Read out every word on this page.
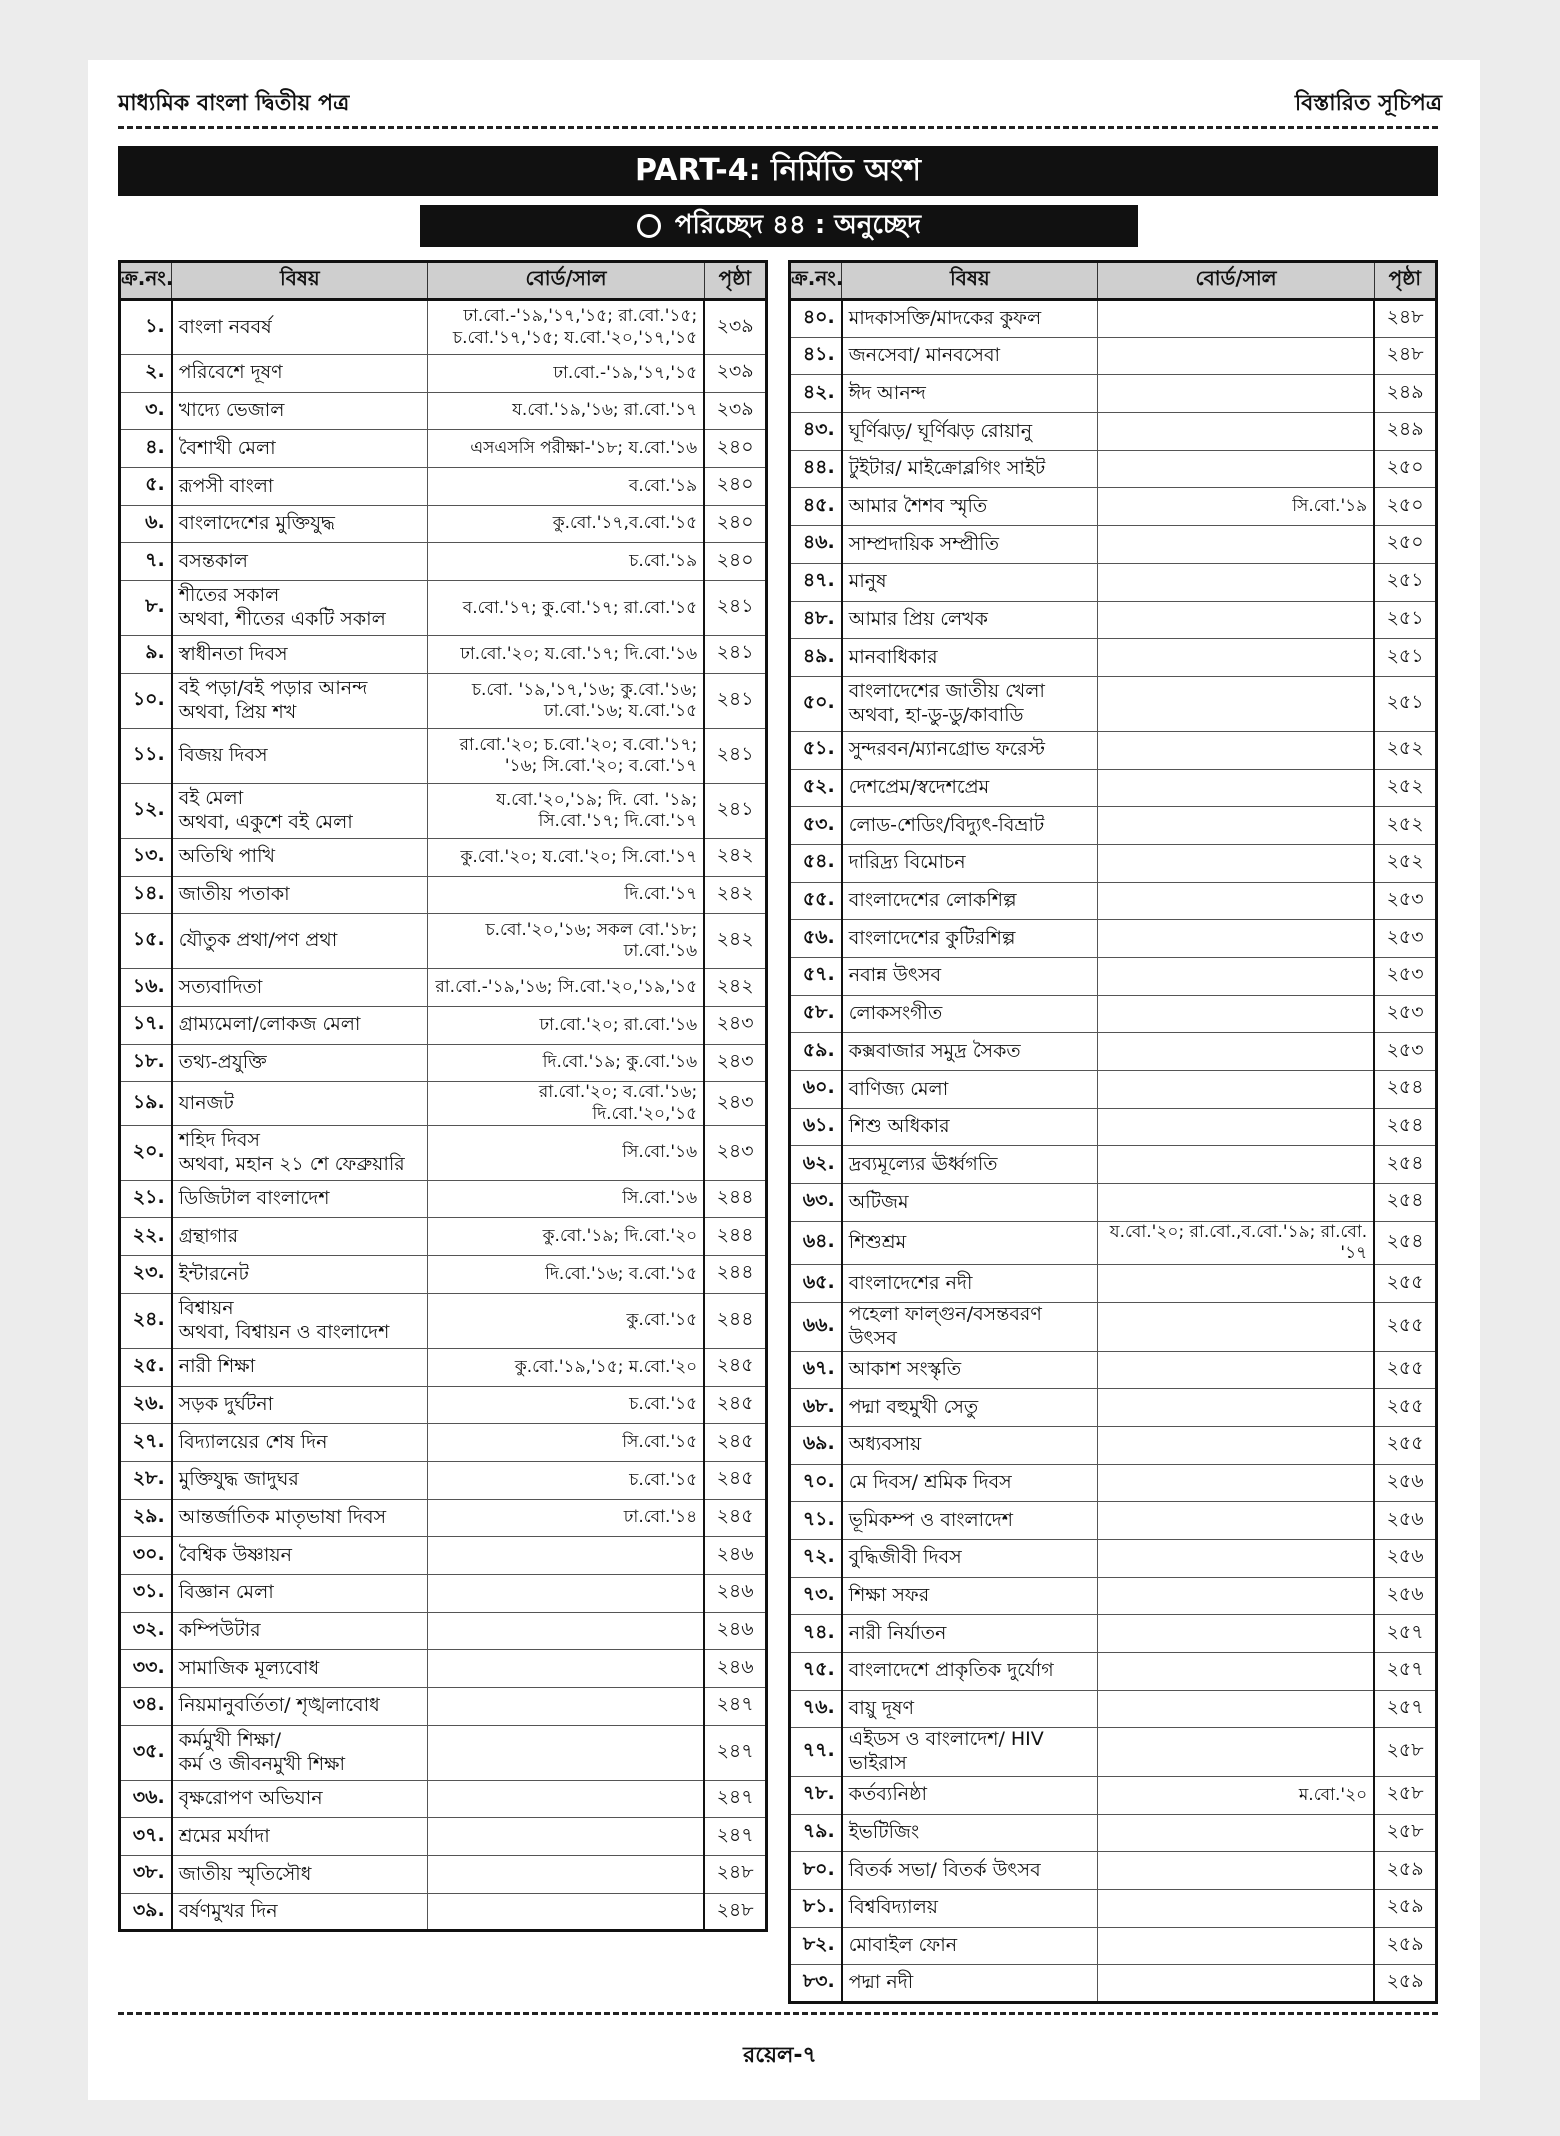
মাধ্যমিক বাংলা দ্বিতীয় পত্র	বিস্তারিত সূচিপত্র
PART-4: নির্মিতি অংশ
পরিচ্ছেদ ৪৪ : অনুচ্ছেদ
ক্র.নং.	বিষয়	বোর্ড/সাল	পৃষ্ঠা
১.	বাংলা নববর্ষ	ঢা.বো.-'১৯,'১৭,'১৫; রা.বো.'১৫; চ.বো.'১৭,'১৫; য.বো.'২০,'১৭,'১৫	২৩৯
২.	পরিবেশে দূষণ	ঢা.বো.-'১৯,'১৭,'১৫	২৩৯
৩.	খাদ্যে ভেজাল	য.বো.'১৯,'১৬; রা.বো.'১৭	২৩৯
৪.	বৈশাখী মেলা	এসএসসি পরীক্ষা-'১৮; য.বো.'১৬	২৪০
৫.	রূপসী বাংলা	ব.বো.'১৯	২৪০
৬.	বাংলাদেশের মুক্তিযুদ্ধ	কু.বো.'১৭,ব.বো.'১৫	২৪০
৭.	বসন্তকাল	চ.বো.'১৯	২৪০
৮.	শীতের সকাল
অথবা, শীতের একটি সকাল	ব.বো.'১৭; কু.বো.'১৭; রা.বো.'১৫	২৪১
৯.	স্বাধীনতা দিবস	ঢা.বো.'২০; য.বো.'১৭; দি.বো.'১৬	২৪১
১০.	বই পড়া/বই পড়ার আনন্দ
অথবা, প্রিয় শখ	চ.বো. '১৯,'১৭,'১৬; কু.বো.'১৬; ঢা.বো.'১৬; য.বো.'১৫	২৪১
১১.	বিজয় দিবস	রা.বো.'২০; চ.বো.'২০; ব.বো.'১৭; '১৬; সি.বো.'২০; ব.বো.'১৭	২৪১
১২.	বই মেলা
অথবা, একুশে বই মেলা	য.বো.'২০,'১৯; দি. বো. '১৯; সি.বো.'১৭; দি.বো.'১৭	২৪১
১৩.	অতিথি পাখি	কু.বো.'২০; য.বো.'২০; সি.বো.'১৭	২৪২
১৪.	জাতীয় পতাকা	দি.বো.'১৭	২৪২
১৫.	যৌতুক প্রথা/পণ প্রথা	চ.বো.'২০,'১৬; সকল বো.'১৮; ঢা.বো.'১৬	২৪২
১৬.	সত্যবাদিতা	রা.বো.-'১৯,'১৬; সি.বো.'২০,'১৯,'১৫	২৪২
১৭.	গ্রাম্যমেলা/লোকজ মেলা	ঢা.বো.'২০; রা.বো.'১৬	২৪৩
১৮.	তথ্য-প্রযুক্তি	দি.বো.'১৯; কু.বো.'১৬	২৪৩
১৯.	যানজট	রা.বো.'২০; ব.বো.'১৬; দি.বো.'২০,'১৫	২৪৩
২০.	শহিদ দিবস
অথবা, মহান ২১ শে ফেব্রুয়ারি	সি.বো.'১৬	২৪৩
২১.	ডিজিটাল বাংলাদেশ	সি.বো.'১৬	২৪৪
২২.	গ্রন্থাগার	কু.বো.'১৯; দি.বো.'২০	২৪৪
২৩.	ইন্টারনেট	দি.বো.'১৬; ব.বো.'১৫	২৪৪
২৪.	বিশ্বায়ন
অথবা, বিশ্বায়ন ও বাংলাদেশ	কু.বো.'১৫	২৪৪
২৫.	নারী শিক্ষা	কু.বো.'১৯,'১৫; ম.বো.'২০	২৪৫
২৬.	সড়ক দুর্ঘটনা	চ.বো.'১৫	২৪৫
২৭.	বিদ্যালয়ের শেষ দিন	সি.বো.'১৫	২৪৫
২৮.	মুক্তিযুদ্ধ জাদুঘর	চ.বো.'১৫	২৪৫
২৯.	আন্তর্জাতিক মাতৃভাষা দিবস	ঢা.বো.'১৪	২৪৫
৩০.	বৈশ্বিক উষ্ণায়ন		২৪৬
৩১.	বিজ্ঞান মেলা		২৪৬
৩২.	কম্পিউটার		২৪৬
৩৩.	সামাজিক মূল্যবোধ		২৪৬
৩৪.	নিয়মানুবর্তিতা/ শৃঙ্খলাবোধ		২৪৭
৩৫.	কর্মমুখী শিক্ষা/
কর্ম ও জীবনমুখী শিক্ষা		২৪৭
৩৬.	বৃক্ষরোপণ অভিযান		২৪৭
৩৭.	শ্রমের মর্যাদা		২৪৭
৩৮.	জাতীয় স্মৃতিসৌধ		২৪৮
৩৯.	বর্ষণমুখর দিন		২৪৮
ক্র.নং.	বিষয়	বোর্ড/সাল	পৃষ্ঠা
৪০.	মাদকাসক্তি/মাদকের কুফল		২৪৮
৪১.	জনসেবা/ মানবসেবা		২৪৮
৪২.	ঈদ আনন্দ		২৪৯
৪৩.	ঘূর্ণিঝড়/ ঘূর্ণিঝড় রোয়ানু		২৪৯
৪৪.	টুইটার/ মাইক্রোব্লগিং সাইট		২৫০
৪৫.	আমার শৈশব স্মৃতি	সি.বো.'১৯	২৫০
৪৬.	সাম্প্রদায়িক সম্প্রীতি		২৫০
৪৭.	মানুষ		২৫১
৪৮.	আমার প্রিয় লেখক		২৫১
৪৯.	মানবাধিকার		২৫১
৫০.	বাংলাদেশের জাতীয় খেলা
অথবা, হা-ডু-ডু/কাবাডি		২৫১
৫১.	সুন্দরবন/ম্যানগ্রোভ ফরেস্ট		২৫২
৫২.	দেশপ্রেম/স্বদেশপ্রেম		২৫২
৫৩.	লোড-শেডিং/বিদ্যুৎ-বিভ্রাট		২৫২
৫৪.	দারিদ্র্য বিমোচন		২৫২
৫৫.	বাংলাদেশের লোকশিল্প		২৫৩
৫৬.	বাংলাদেশের কুটিরশিল্প		২৫৩
৫৭.	নবান্ন উৎসব		২৫৩
৫৮.	লোকসংগীত		২৫৩
৫৯.	কক্সবাজার সমুদ্র সৈকত		২৫৩
৬০.	বাণিজ্য মেলা		২৫৪
৬১.	শিশু অধিকার		২৫৪
৬২.	দ্রব্যমূল্যের ঊর্ধ্বগতি		২৫৪
৬৩.	অটিজম		২৫৪
৬৪.	শিশুশ্রম	য.বো.'২০; রা.বো.,ব.বো.'১৯; রা.বো. '১৭	২৫৪
৬৫.	বাংলাদেশের নদী		২৫৫
৬৬.	পহেলা ফাল্গুন/বসন্তবরণ উৎসব		২৫৫
৬৭.	আকাশ সংস্কৃতি		২৫৫
৬৮.	পদ্মা বহুমুখী সেতু		২৫৫
৬৯.	অধ্যবসায়		২৫৫
৭০.	মে দিবস/ শ্রমিক দিবস		২৫৬
৭১.	ভূমিকম্প ও বাংলাদেশ		২৫৬
৭২.	বুদ্ধিজীবী দিবস		২৫৬
৭৩.	শিক্ষা সফর		২৫৬
৭৪.	নারী নির্যাতন		২৫৭
৭৫.	বাংলাদেশে প্রাকৃতিক দুর্যোগ		২৫৭
৭৬.	বায়ু দূষণ		২৫৭
৭৭.	এইডস ও বাংলাদেশ/ HIV ভাইরাস		২৫৮
৭৮.	কর্তব্যনিষ্ঠা	ম.বো.'২০	২৫৮
৭৯.	ইভটিজিং		২৫৮
৮০.	বিতর্ক সভা/ বিতর্ক উৎসব		২৫৯
৮১.	বিশ্ববিদ্যালয়		২৫৯
৮২.	মোবাইল ফোন		২৫৯
৮৩.	পদ্মা নদী		২৫৯
রয়েল-৭
